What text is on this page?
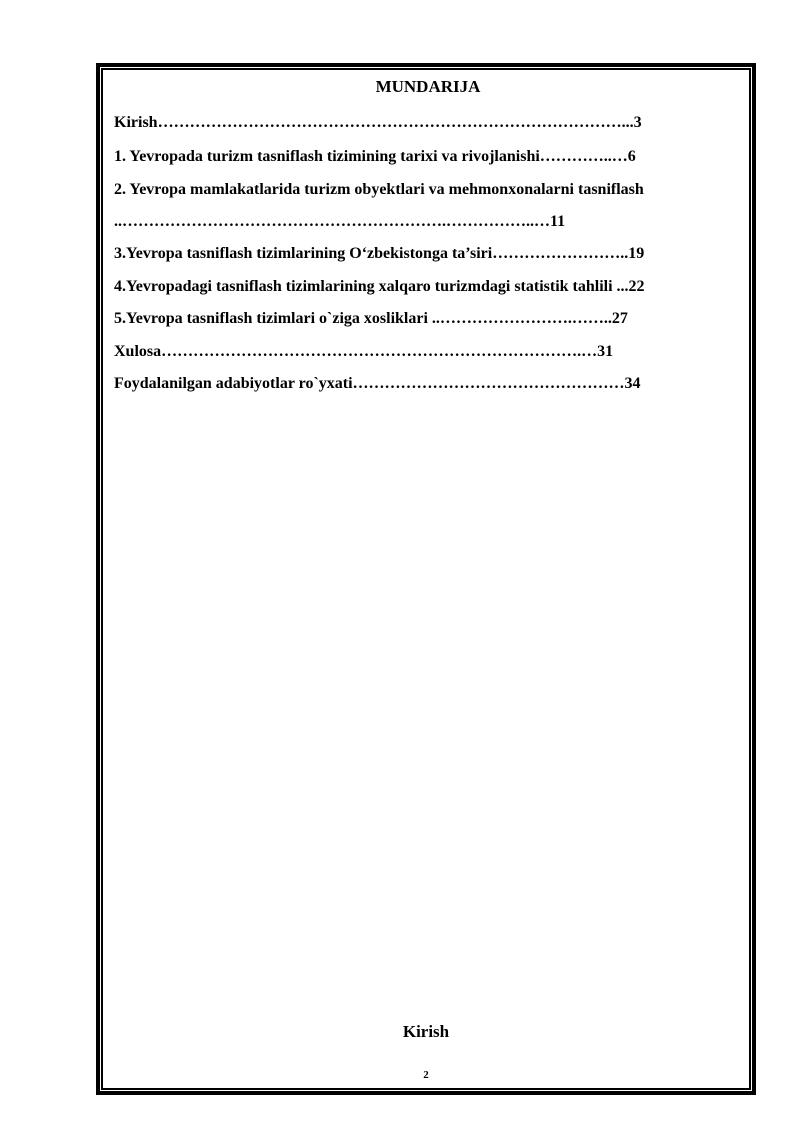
MUNDARIJA
Kirish……………………………………………………………………………...3
1. Yevropada turizm tasniflash tizimining tarixi va rivojlanishi…………..…6
2. Yevropa mamlakatlarida turizm obyektlari va mehmonxonalarni tasniflash
..…………………………………………………….……………..…11
3.Yevropa tasniflash tizimlarining O‘zbekistonga ta’siri……………………..19
4.Yevropadagi tasniflash tizimlarining xalqaro turizmdagi statistik tahlili ...22
5.Yevropa tasniflash tizimlari o`ziga xosliklari ..…………………….……..27
Xulosa…………………………………………………………………….…31
Foydalanilgan adabiyotlar ro`yxati……………………………………………34
Kirish
2
